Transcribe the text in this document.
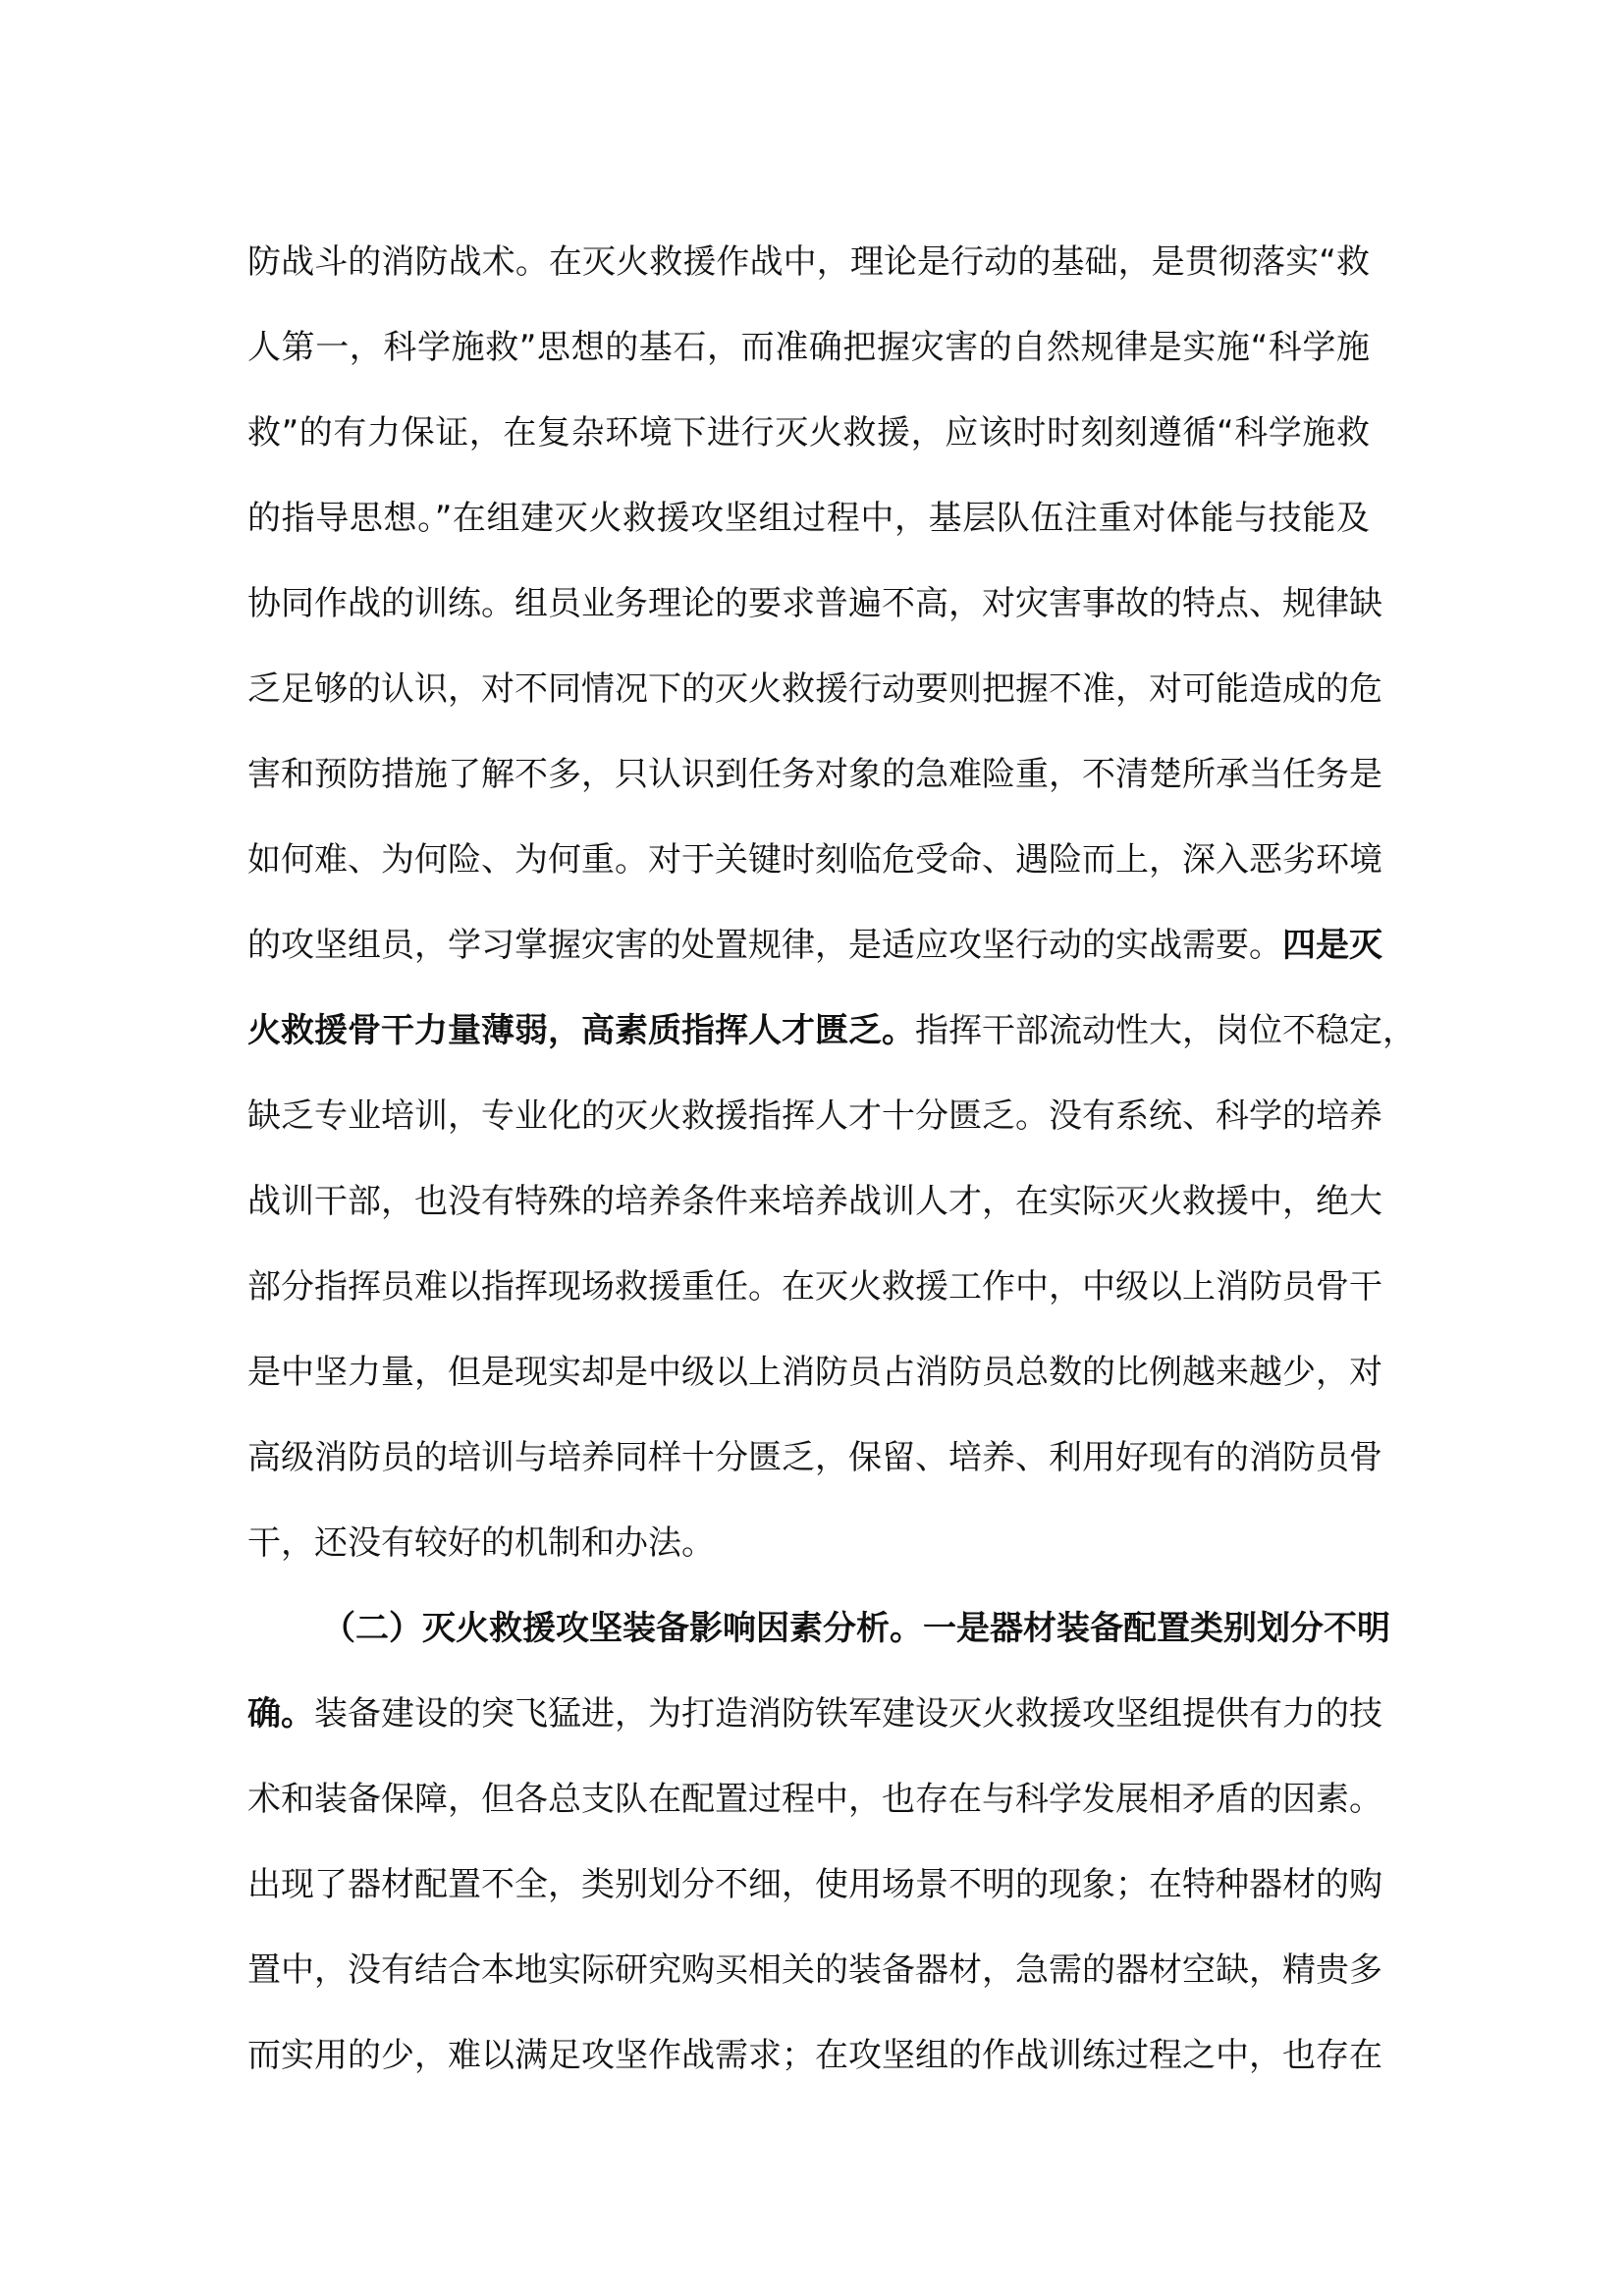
防战斗的消防战术。在灭火救援作战中，理论是行动的基础，是贯彻落实“救
人第一，科学施救”思想的基石，而准确把握灾害的自然规律是实施“科学施
救”的有力保证，在复杂环境下进行灭火救援，应该时时刻刻遵循“科学施救
的指导思想。”在组建灭火救援攻坚组过程中，基层队伍注重对体能与技能及
协同作战的训练。组员业务理论的要求普遍不高，对灾害事故的特点、规律缺
乏足够的认识，对不同情况下的灭火救援行动要则把握不准，对可能造成的危
害和预防措施了解不多，只认识到任务对象的急难险重，不清楚所承当任务是
如何难、为何险、为何重。对于关键时刻临危受命、遇险而上，深入恶劣环境
的攻坚组员，学习掌握灾害的处置规律，是适应攻坚行动的实战需要。四是灭
火救援骨干力量薄弱，高素质指挥人才匮乏。指挥干部流动性大，岗位不稳定，
缺乏专业培训，专业化的灭火救援指挥人才十分匮乏。没有系统、科学的培养
战训干部，也没有特殊的培养条件来培养战训人才，在实际灭火救援中，绝大
部分指挥员难以指挥现场救援重任。在灭火救援工作中，中级以上消防员骨干
是中坚力量，但是现实却是中级以上消防员占消防员总数的比例越来越少，对
高级消防员的培训与培养同样十分匮乏，保留、培养、利用好现有的消防员骨
干，还没有较好的机制和办法。
（二）灭火救援攻坚装备影响因素分析。一是器材装备配置类别划分不明
确。装备建设的突飞猛进，为打造消防铁军建设灭火救援攻坚组提供有力的技
术和装备保障，但各总支队在配置过程中，也存在与科学发展相矛盾的因素。
出现了器材配置不全，类别划分不细，使用场景不明的现象；在特种器材的购
置中，没有结合本地实际研究购买相关的装备器材，急需的器材空缺，精贵多
而实用的少，难以满足攻坚作战需求；在攻坚组的作战训练过程之中，也存在
